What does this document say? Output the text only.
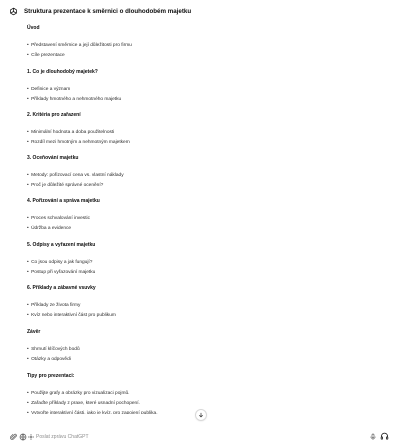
Struktura prezentace k směrnici o dlouhodobém majetku
Úvod
• Představení směrnice a její důležitosti pro firmu
• Cíle prezentace
1. Co je dlouhodobý majetek?
• Definice a význam
• Příklady hmotného a nehmotného majetku
2. Kritéria pro zařazení
• Minimální hodnota a doba použitelnosti
• Rozdíl mezi hmotným a nehmotným majetkem
3. Oceňování majetku
• Metody: pořizovací cena vs. vlastní náklady
• Proč je důležité správné ocenění?
4. Pořizování a správa majetku
• Proces schvalování investic
• Údržba a evidence
5. Odpisy a vyřazení majetku
• Co jsou odpisy a jak fungují?
• Postup při vyřazování majetku
6. Příklady a zábavné vsuvky
• Příklady ze života firmy
• Kvíz nebo interaktivní část pro publikum
Závěr
• Shrnutí klíčových bodů
• Otázky a odpovědi
Tipy pro prezentaci:
• Použijte grafy a obrázky pro vizualizaci pojmů.
• Zařaďte příklady z praxe, které usnadní pochopení.
• Vytvořte interaktivní části, jako je kvíz, pro zapojení publika.
Poslat zprávu ChatGPT
